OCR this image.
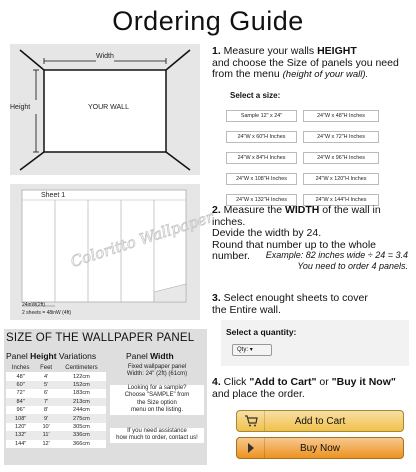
Ordering Guide
Width
Height	YOUR WALL
Coloritto Wallpaper
Sheet 1
24inW(2ft)
2 sheets = 48inW (4ft)
SIZE OF THE WALLPAPER PANEL
Panel Height Variations	Panel Width
Inches	Feet	Centimeters
48"	4'	122cm
60"	5'	152cm
72"	6'	183cm
84"	7'	213cm
96"	8'	244cm
108"	9'	275cm
120"	10'	305cm
132"	11'	336cm
144"	12'	366cm
Fixed wallpaper panel
Width: 24" (2ft) (61cm)
Looking for a sample?
Choose "SAMPLE" from
the Size option
menu on the listing.
If you need assistance
how much to order, contact us!
1. Measure your walls HEIGHT
and choose the Size of panels you need
from the menu (height of your wall).
Select a size:
Sample 12" x 24"	24"W x 48"H Inches
24"W x 60"H Inches	24"W x 72"H Inches
24"W x 84"H Inches	24"W x 96"H Inches
24"W x 108"H Inches	24"W x 120"H Inches
24"W x 132"H Inches	24"W x 144"H Inches
2. Measure the WIDTH of the wall in inches.
Devide the width by 24.
Round that number up to the whole number.	Example: 82 inches wide ÷ 24 = 3.4
You need to order 4 panels.
3. Select enought sheets to cover
the Entire wall.
Select a quantity:
Qty: ▾
4. Click "Add to Cart" or "Buy it Now"
and place the order.
Add to Cart
Buy Now
